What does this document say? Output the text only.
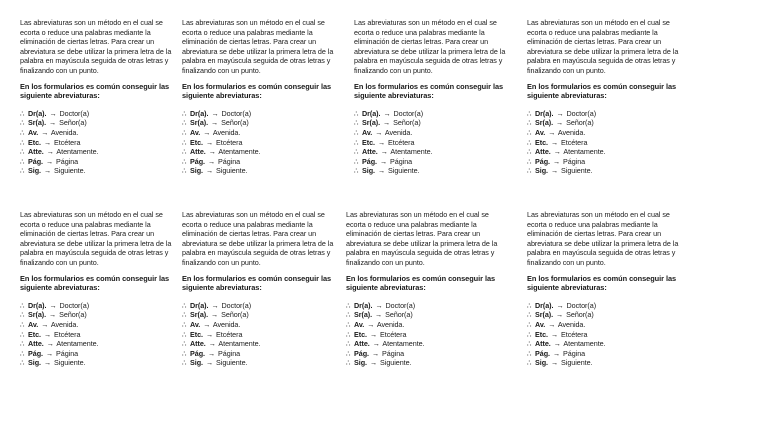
Las abreviaturas son un método en el cual se ecorta o reduce una palabras mediante la eliminación de ciertas letras. Para crear un abreviatura se debe utilizar la primera letra de la palabra en mayúscula seguida de otras letras y finalizando con un punto.

En los formularios es común conseguir las siguiente abreviaturas:

∴ Dr(a). → Doctor(a)
∴ Sr(a). → Señor(a)
∴ Av. → Avenida.
∴ Etc. → Etcétera
∴ Atte. → Atentamente.
∴ Pág. → Página
∴ Sig. → Siguiente.

Las abreviaturas son un método en el cual se ecorta o reduce una palabras mediante la eliminación de ciertas letras. Para crear un abreviatura se debe utilizar la primera letra de la palabra en mayúscula seguida de otras letras y finalizando con un punto.

En los formularios es común conseguir las siguiente abreviaturas:

∴ Dr(a). → Doctor(a)
∴ Sr(a). → Señor(a)
∴ Av. → Avenida.
∴ Etc. → Etcétera
∴ Atte. → Atentamente.
∴ Pág. → Página
∴ Sig. → Siguiente.

Las abreviaturas son un método en el cual se ecorta o reduce una palabras mediante la eliminación de ciertas letras. Para crear un abreviatura se debe utilizar la primera letra de la palabra en mayúscula seguida de otras letras y finalizando con un punto.

En los formularios es común conseguir las siguiente abreviaturas:

∴ Dr(a). → Doctor(a)
∴ Sr(a). → Señor(a)
∴ Av. → Avenida.
∴ Etc. → Etcétera
∴ Atte. → Atentamente.
∴ Pág. → Página
∴ Sig. → Siguiente.

Las abreviaturas son un método en el cual se ecorta o reduce una palabras mediante la eliminación de ciertas letras. Para crear un abreviatura se debe utilizar la primera letra de la palabra en mayúscula seguida de otras letras y finalizando con un punto.

En los formularios es común conseguir las siguiente abreviaturas:

∴ Dr(a). → Doctor(a)
∴ Sr(a). → Señor(a)
∴ Av. → Avenida.
∴ Etc. → Etcétera
∴ Atte. → Atentamente.
∴ Pág. → Página
∴ Sig. → Siguiente.

Las abreviaturas son un método en el cual se ecorta o reduce una palabras mediante la eliminación de ciertas letras. Para crear un abreviatura se debe utilizar la primera letra de la palabra en mayúscula seguida de otras letras y finalizando con un punto.

En los formularios es común conseguir las siguiente abreviaturas:

∴ Dr(a). → Doctor(a)
∴ Sr(a). → Señor(a)
∴ Av. → Avenida.
∴ Etc. → Etcétera
∴ Atte. → Atentamente.
∴ Pág. → Página
∴ Sig. → Siguiente.

Las abreviaturas son un método en el cual se ecorta o reduce una palabras mediante la eliminación de ciertas letras. Para crear un abreviatura se debe utilizar la primera letra de la palabra en mayúscula seguida de otras letras y finalizando con un punto.

En los formularios es común conseguir las siguiente abreviaturas:

∴ Dr(a). → Doctor(a)
∴ Sr(a). → Señor(a)
∴ Av. → Avenida.
∴ Etc. → Etcétera
∴ Atte. → Atentamente.
∴ Pág. → Página
∴ Sig. → Siguiente.

Las abreviaturas son un método en el cual se ecorta o reduce una palabras mediante la eliminación de ciertas letras. Para crear un abreviatura se debe utilizar la primera letra de la palabra en mayúscula seguida de otras letras y finalizando con un punto.

En los formularios es común conseguir las siguiente abreviaturas:

∴ Dr(a). → Doctor(a)
∴ Sr(a). → Señor(a)
∴ Av. → Avenida.
∴ Etc. → Etcétera
∴ Atte. → Atentamente.
∴ Pág. → Página
∴ Sig. → Siguiente.

Las abreviaturas son un método en el cual se ecorta o reduce una palabras mediante la eliminación de ciertas letras. Para crear un abreviatura se debe utilizar la primera letra de la palabra en mayúscula seguida de otras letras y finalizando con un punto.

En los formularios es común conseguir las siguiente abreviaturas:

∴ Dr(a). → Doctor(a)
∴ Sr(a). → Señor(a)
∴ Av. → Avenida.
∴ Etc. → Etcétera
∴ Atte. → Atentamente.
∴ Pág. → Página
∴ Sig. → Siguiente.
